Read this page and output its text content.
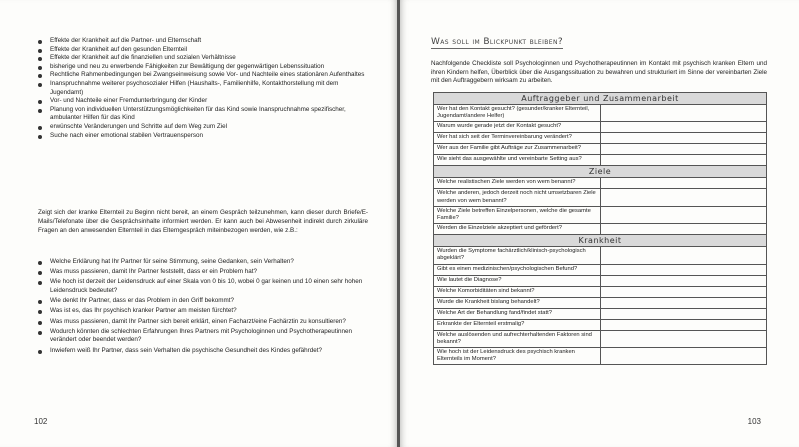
Effekte der Krankheit auf die Partner- und Elternschaft
Effekte der Krankheit auf den gesunden Elternteil
Effekte der Krankheit auf die finanziellen und sozialen Verhältnisse
bisherige und neu zu erwerbende Fähigkeiten zur Bewältigung der gegenwärtigen Lebenssituation
Rechtliche Rahmenbedingungen bei Zwangseinweisung sowie Vor- und Nachteile eines stationären Aufenthaltes
Inanspruchnahme weiterer psychosozialer Hilfen (Haushalts-, Familienhilfe, Kontakthorstellung mit dem Jugendamt)
Vor- und Nachteile einer Fremdunterbringung der Kinder
Planung von individuellen Unterstützungsmöglichkeiten für das Kind sowie Inanspruchnahme spezifischer, ambulanter Hilfen für das Kind
erwünschte Veränderungen und Schritte auf dem Weg zum Ziel
Suche nach einer emotional stabilen Vertrauensperson

Zeigt sich der kranke Elternteil zu Beginn nicht bereit, an einem Gespräch teilzunehmen, kann dieser durch Briefe/E-Mails/Telefonate über die Gesprächsinhalte informiert werden. Er kann auch bei Abwesenheit indirekt durch zirkuläre Fragen an den anwesenden Elternteil in das Elterngespräch miteinbezogen werden, wie z.B.:

Welche Erklärung hat Ihr Partner für seine Stimmung, seine Gedanken, sein Verhalten?
Was muss passieren, damit Ihr Partner feststellt, dass er ein Problem hat?
Wie hoch ist derzeit der Leidensdruck auf einer Skala von 0 bis 10, wobei 0 gar keinen und 10 einen sehr hohen Leidensdruck bedeutet?
Wie denkt Ihr Partner, dass er das Problem in den Griff bekommt?
Was ist es, das Ihr psychisch kranker Partner am meisten fürchtet?
Was muss passieren, damit Ihr Partner sich bereit erklärt, einen Facharzt/eine Fachärztin zu konsultieren?
Wodurch könnten die schlechten Erfahrungen Ihres Partners mit Psychologinnen und Psychotherapeutinnen verändert oder beendet werden?
Inwiefern weiß Ihr Partner, dass sein Verhalten die psychische Gesundheit des Kindes gefährdet?
102
Was soll im Blickpunkt bleiben?

Nachfolgende Checkliste soll Psychologinnen und Psychotherapeutinnen im Kontakt mit psychisch kranken Eltern und ihren Kindern helfen, Überblick über die Ausgangssituation zu bewahren und strukturiert im Sinne der vereinbarten Ziele mit den Auftraggebern wirksam zu arbeiten.

Auftraggeber und Zusammenarbeit	
Wer hat den Kontakt gesucht? (gesunder/kranker Elternteil, Jugendamt/andere Helfer)	
Warum wurde gerade jetzt der Kontakt gesucht?	
Wer hat sich seit der Terminvereinbarung verändert?	
Wer aus der Familie gibt Aufträge zur Zusammenarbeit?	
Wie sieht das ausgewählte und vereinbarte Setting aus?	
Ziele	
Welche realistischen Ziele werden von wem benannt?	
Welche anderen, jedoch derzeit noch nicht umsetzbaren Ziele werden von wem benannt?	
Welche Ziele betreffen Einzelpersonen, welche die gesamte Familie?	
Werden die Einzelziele akzeptiert und gefördert?	
Krankheit	
Wurden die Symptome fachärztlich/klinisch-psychologisch abgeklärt?	
Gibt es einen medizinischen/psychologischen Befund?	
Wie lautet die Diagnose?	
Welche Komorbiditäten sind bekannt?	
Wurde die Krankheit bislang behandelt?	
Welche Art der Behandlung fand/findet statt?	
Erkrankte der Elternteil erstmalig?	
Welche auslösenden und aufrechterhaltenden Faktoren sind bekannt?	
Wie hoch ist der Leidensdruck des psychisch kranken Elternteils im Moment?	
103
